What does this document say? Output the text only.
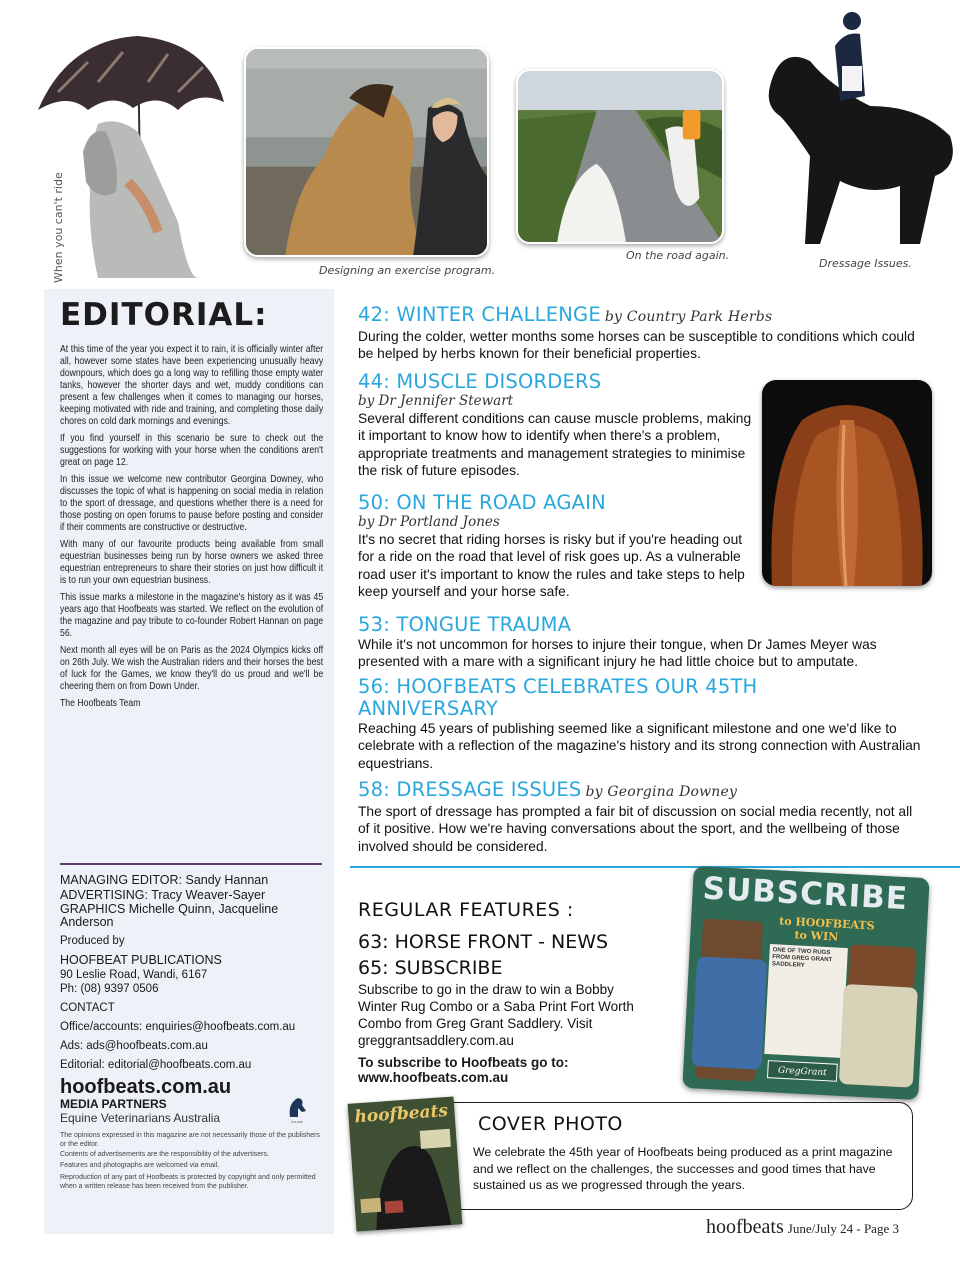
When you can't ride	Designing an exercise program.
On the road again.
Dressage Issues.
EDITORIAL:

At this time of the year you expect it to rain, it is officially winter after all, however some states have been experiencing unusually heavy downpours, which does go a long way to refilling those empty water tanks, however the shorter days and wet, muddy conditions can present a few challenges when it comes to managing our horses, keeping motivated with ride and training, and completing those daily chores on cold dark mornings and evenings.

If you find yourself in this scenario be sure to check out the suggestions for working with your horse when the conditions aren't great on page 12.

In this issue we welcome new contributor Georgina Downey, who discusses the topic of what is happening on social media in relation to the sport of dressage, and questions whether there is a need for those posting on open forums to pause before posting and consider if their comments are constructive or destructive.

With many of our favourite products being available from small equestrian businesses being run by horse owners we asked three equestrian entrepreneurs to share their stories on just how difficult it is to run your own equestrian business.

This issue marks a milestone in the magazine's history as it was 45 years ago that Hoofbeats was started. We reflect on the evolution of the magazine and pay tribute to co-founder Robert Hannan on page 56.

Next month all eyes will be on Paris as the 2024 Olympics kicks off on 26th July. We wish the Australian riders and their horses the best of luck for the Games, we know they'll do us proud and we'll be cheering them on from Down Under.

The Hoofbeats Team

MANAGING EDITOR: Sandy Hannan
ADVERTISING: Tracy Weaver-Sayer
GRAPHICS Michelle Quinn, Jacqueline Anderson
Produced by
HOOFBEAT PUBLICATIONS
90 Leslie Road, Wandi, 6167
Ph: (08) 9397 0506
CONTACT
Office/accounts: enquiries@hoofbeats.com.au
Ads: ads@hoofbeats.com.au
Editorial: editorial@hoofbeats.com.au
hoofbeats.com.au
MEDIA PARTNERS
Equine Veterinarians Australia
The opinions expressed in this magazine are not necessarily those of the publishers or the editor.
Contents of advertisements are the responsibility of the advertisers.
Features and photographs are welcomed via email.
Reproduction of any part of Hoofbeats is protected by copyright and only permitted when a written release has been received from the publisher.
EQUINE
42: WINTER CHALLENGE by Country Park Herbs
During the colder, wetter months some horses can be susceptible to conditions which could be helped by herbs known for their beneficial properties.
44: MUSCLE DISORDERS
by Dr Jennifer Stewart
Several different conditions can cause muscle problems, making it important to know how to identify when there's a problem, appropriate treatments and management strategies to minimise the risk of future episodes.
50: ON THE ROAD AGAIN
by Dr Portland Jones
It's no secret that riding horses is risky but if you're heading out for a ride on the road that level of risk goes up. As a vulnerable road user it's important to know the rules and take steps to help keep yourself and your horse safe.
53: TONGUE TRAUMA
While it's not uncommon for horses to injure their tongue, when Dr James Meyer was presented with a mare with a significant injury he had little choice but to amputate.
56: HOOFBEATS CELEBRATES OUR 45TH
ANNIVERSARY
Reaching 45 years of publishing seemed like a significant milestone and one we'd like to celebrate with a reflection of the magazine's history and its strong connection with Australian equestrians.
58: DRESSAGE ISSUES by Georgina Downey
The sport of dressage has prompted a fair bit of discussion on social media recently, not all of it positive. How we're having conversations about the sport, and the wellbeing of those involved should be considered.
REGULAR FEATURES :
63: HORSE FRONT - NEWS
65: SUBSCRIBE
Subscribe to go in the draw to win a Bobby Winter Rug Combo or a Saba Print Fort Worth Combo from Greg Grant Saddlery. Visit greggrantsaddlery.com.au
To subscribe to Hoofbeats go to: www.hoofbeats.com.au
SUBSCRIBE
to HOOFBEATS
to WIN
ONE OF TWO RUGS FROM GREG GRANT SADDLERY
GregGrant
COVER PHOTO
We celebrate the 45th year of Hoofbeats being produced as a print magazine and we reflect on the challenges, the successes and good times that have sustained us as we progressed through the years.
hoofbeats
hoofbeats June/July 24 - Page 3
